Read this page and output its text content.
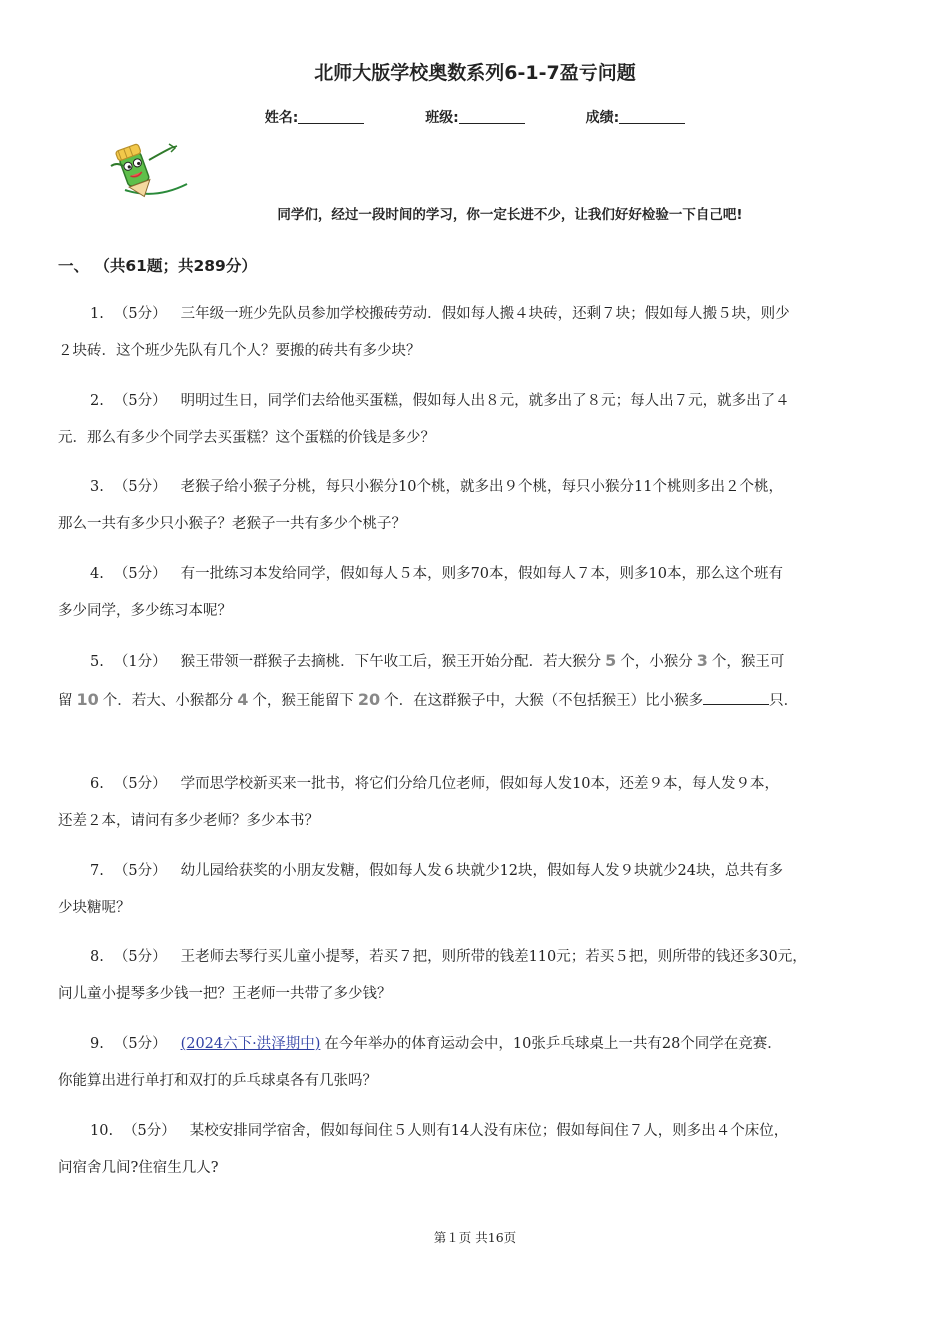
北师大版学校奥数系列6-1-7盈亏问题
姓名:	班级:	成绩:
同学们，经过一段时间的学习，你一定长进不少，让我们好好检验一下自己吧!
一、 （共61题；共289分）
1. （5分） 三年级一班少先队员参加学校搬砖劳动．假如每人搬４块砖，还剩７块；假如每人搬５块，则少
２块砖．这个班少先队有几个人？要搬的砖共有多少块？
2. （5分） 明明过生日，同学们去给他买蛋糕，假如每人出８元，就多出了８元；每人出７元，就多出了４
元．那么有多少个同学去买蛋糕？这个蛋糕的价钱是多少？
3. （5分） 老猴子给小猴子分桃，每只小猴分10个桃，就多出９个桃，每只小猴分11个桃则多出２个桃，
那么一共有多少只小猴子？老猴子一共有多少个桃子？
4. （5分） 有一批练习本发给同学，假如每人５本，则多70本，假如每人７本，则多10本，那么这个班有
多少同学，多少练习本呢？
5. （1分） 猴王带领一群猴子去摘桃．下午收工后，猴王开始分配．若大猴分 5 个，小猴分 3 个，猴王可
留 10 个．若大、小猴都分 4 个，猴王能留下 20 个．在这群猴子中，大猴（不包括猴王）比小猴多	只．
6. （5分） 学而思学校新买来一批书，将它们分给几位老师，假如每人发10本，还差９本，每人发９本，
还差２本，请问有多少老师？多少本书？
7. （5分） 幼儿园给获奖的小朋友发糖，假如每人发６块就少12块，假如每人发９块就少24块，总共有多
少块糖呢？
8. （5分） 王老师去琴行买儿童小提琴，若买７把，则所带的钱差110元；若买５把，则所带的钱还多30元，
问儿童小提琴多少钱一把？王老师一共带了多少钱？
9. （5分） (2024六下·洪泽期中) 在今年举办的体育运动会中，10张乒乓球桌上一共有28个同学在竞赛．
你能算出进行单打和双打的乒乓球桌各有几张吗？
10. （5分） 某校安排同学宿舍，假如每间住５人则有14人没有床位；假如每间住７人，则多出４个床位，
问宿舍几间?住宿生几人?
第１页 共16页
